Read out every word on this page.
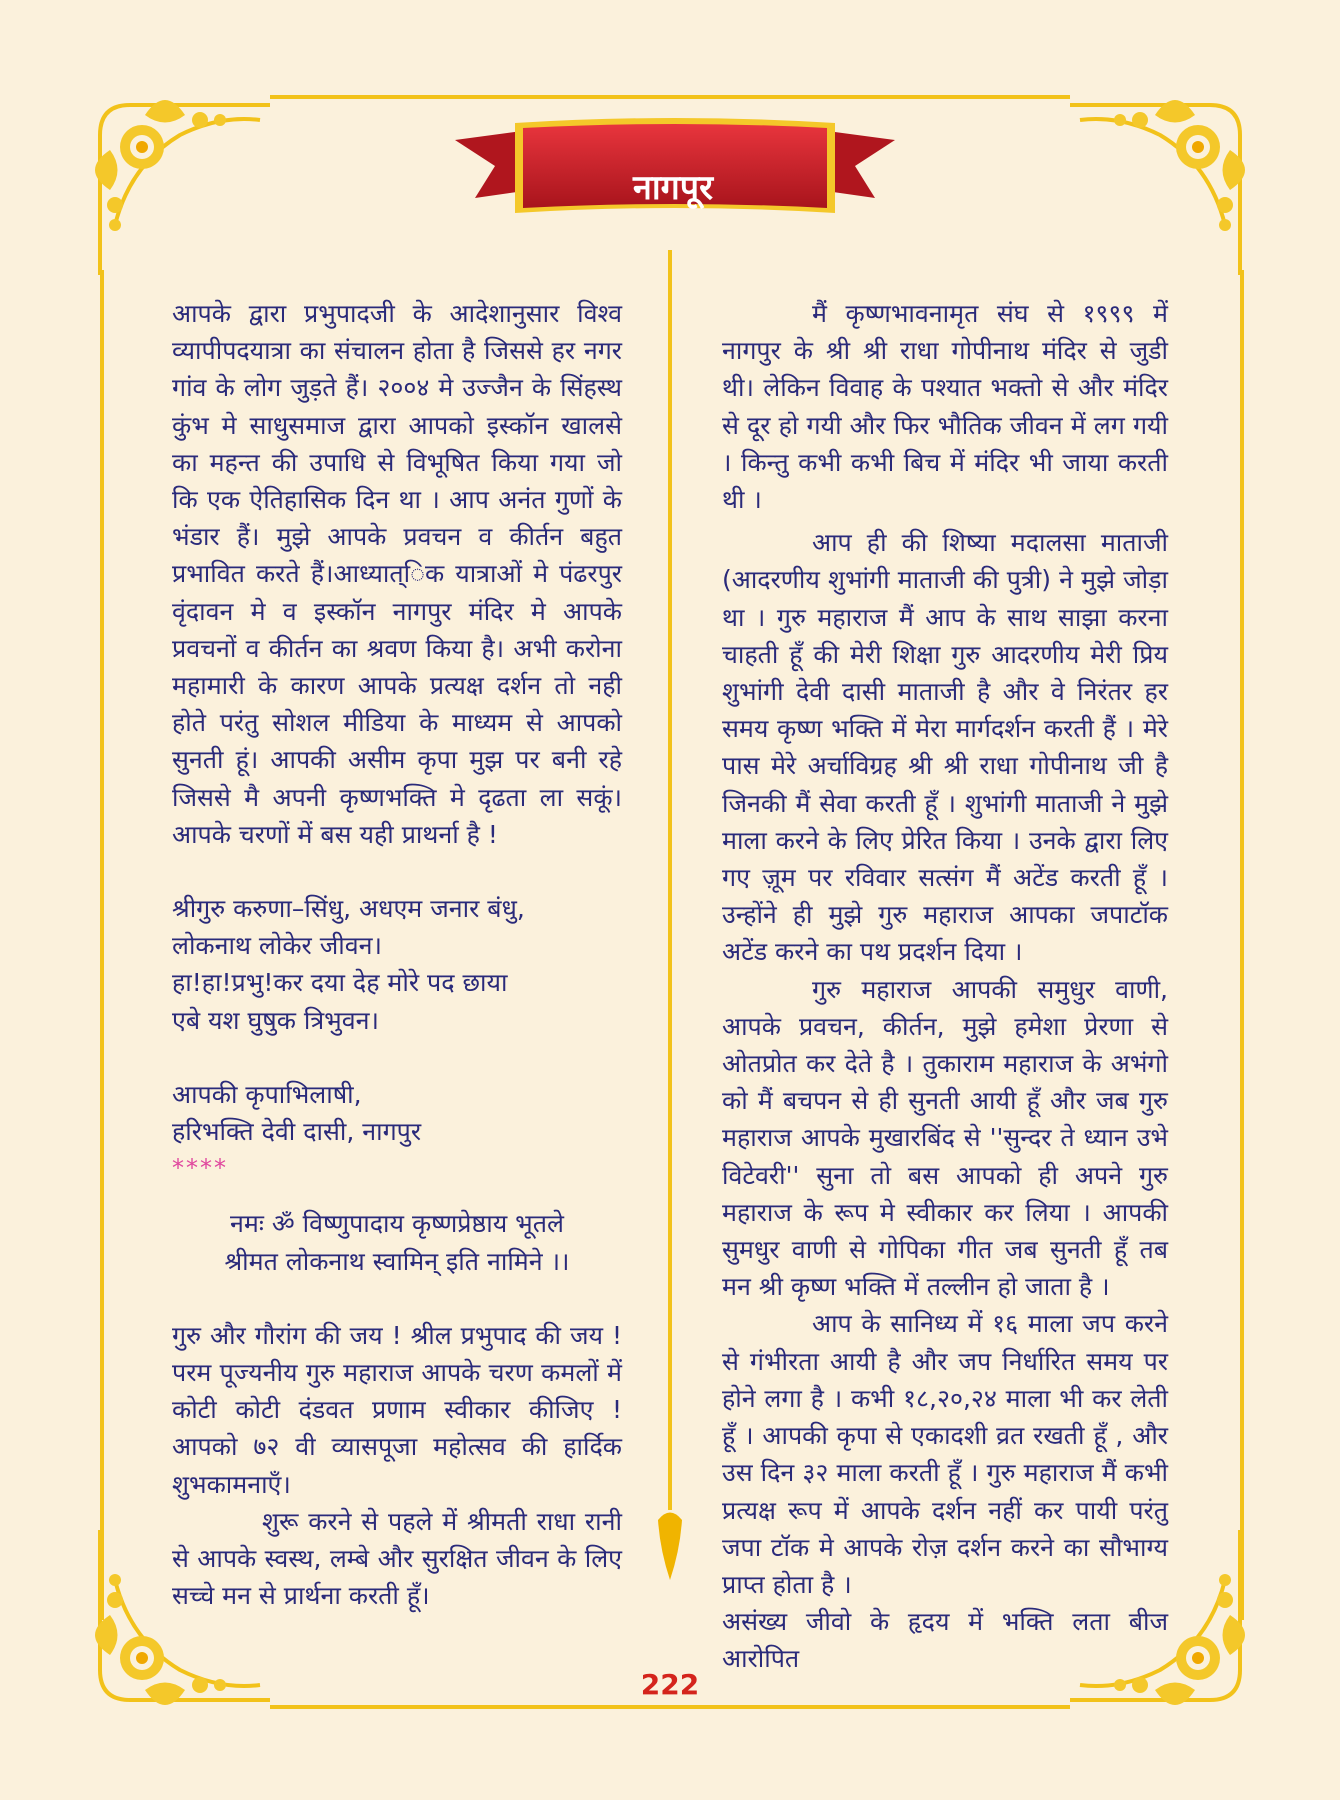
नागपूर

आपके द्वारा प्रभुपादजी के आदेशानुसार विश्व व्यापीपदयात्रा का संचालन होता है जिससे हर नगर गांव के लोग जुड़ते हैं। २००४ मे उज्जैन के सिंहस्थ कुंभ मे साधुसमाज द्वारा आपको इस्कॉन खालसे का महन्त की उपाधि से विभूषित किया गया जो कि एक ऐतिहासिक दिन था । आप अनंत गुणों के भंडार हैं। मुझे आपके प्रवचन व कीर्तन बहुत प्रभावित करते हैं।आध्यात्िक यात्राओं मे पंढरपुर वृंदावन मे व इस्कॉन नागपुर मंदिर मे आपके प्रवचनों व कीर्तन का श्रवण किया है। अभी करोना महामारी के कारण आपके प्रत्यक्ष दर्शन तो नही होते परंतु सोशल मीडिया के माध्यम से आपको सुनती हूं। आपकी असीम कृपा मुझ पर बनी रहे जिससे मै अपनी कृष्णभक्ति मे दृढता ला सकूं। आपके चरणों में बस यही प्राथर्ना है !

श्रीगुरु करुणा–सिंधु, अधएम जनार बंधु,

लोकनाथ लोकेर जीवन।

हा!हा!प्रभु!कर दया देह मोरे पद छाया

एबे यश घुषुक त्रिभुवन।

आपकी कृपाभिलाषी,

हरिभक्ति देवी दासी, नागपुर

****

नमः ॐ विष्णुपादाय कृष्णप्रेष्ठाय भूतले

श्रीमत लोकनाथ स्वामिन् इति नामिने ।।

गुरु और गौरांग की जय ! श्रील प्रभुपाद की जय ! परम पूज्यनीय गुरु महाराज आपके चरण कमलों में कोटी कोटी दंडवत प्रणाम स्वीकार कीजिए ! आपको ७२ वी व्यासपूजा महोत्सव की हार्दिक शुभकामनाएँ।

शुरू करने से पहले में श्रीमती राधा रानी से आपके स्वस्थ, लम्बे और सुरक्षित जीवन के लिए सच्चे मन से प्रार्थना करती हूँ।

मैं कृष्णभावनामृत संघ से १९९९ में नागपुर के श्री श्री राधा गोपीनाथ मंदिर से जुडी थी। लेकिन विवाह के पश्यात भक्तो से और मंदिर से दूर हो गयी और फिर भौतिक जीवन में लग गयी । किन्तु कभी कभी बिच में मंदिर भी जाया करती थी ।

आप ही की शिष्या मदालसा माताजी (आदरणीय शुभांगी माताजी की पुत्री) ने मुझे जोड़ा था । गुरु महाराज मैं आप के साथ साझा करना चाहती हूँ की मेरी शिक्षा गुरु आदरणीय मेरी प्रिय शुभांगी देवी दासी माताजी है और वे निरंतर हर समय कृष्ण भक्ति में मेरा मार्गदर्शन करती हैं । मेरे पास मेरे अर्चाविग्रह श्री श्री राधा गोपीनाथ जी है जिनकी मैं सेवा करती हूँ । शुभांगी माताजी ने मुझे माला करने के लिए प्रेरित किया । उनके द्वारा लिए गए ज़ूम पर रविवार सत्संग मैं अटेंड करती हूँ । उन्होंने ही मुझे गुरु महाराज आपका जपाटॉक अटेंड करने का पथ प्रदर्शन दिया ।

गुरु महाराज आपकी समुधुर वाणी, आपके प्रवचन, कीर्तन, मुझे हमेशा प्रेरणा से ओतप्रोत कर देते है । तुकाराम महाराज के अभंगो को मैं बचपन से ही सुनती आयी हूँ और जब गुरु महाराज आपके मुखारबिंद से ''सुन्दर ते ध्यान उभे विटेवरी'' सुना तो बस आपको ही अपने गुरु महाराज के रूप मे स्वीकार कर लिया । आपकी सुमधुर वाणी से गोपिका गीत जब सुनती हूँ तब मन श्री कृष्ण भक्ति में तल्लीन हो जाता है ।

आप के सानिध्य में १६ माला जप करने से गंभीरता आयी है और जप निर्धारित समय पर होने लगा है । कभी १८,२०,२४ माला भी कर लेती हूँ । आपकी कृपा से एकादशी व्रत रखती हूँ , और उस दिन ३२ माला करती हूँ । गुरु महाराज मैं कभी प्रत्यक्ष रूप में आपके दर्शन नहीं कर पायी परंतु जपा टॉक मे आपके रोज़ दर्शन करने का सौभाग्य प्राप्त होता है ।

असंख्य जीवो के हृदय में भक्ति लता बीज आरोपित

222
